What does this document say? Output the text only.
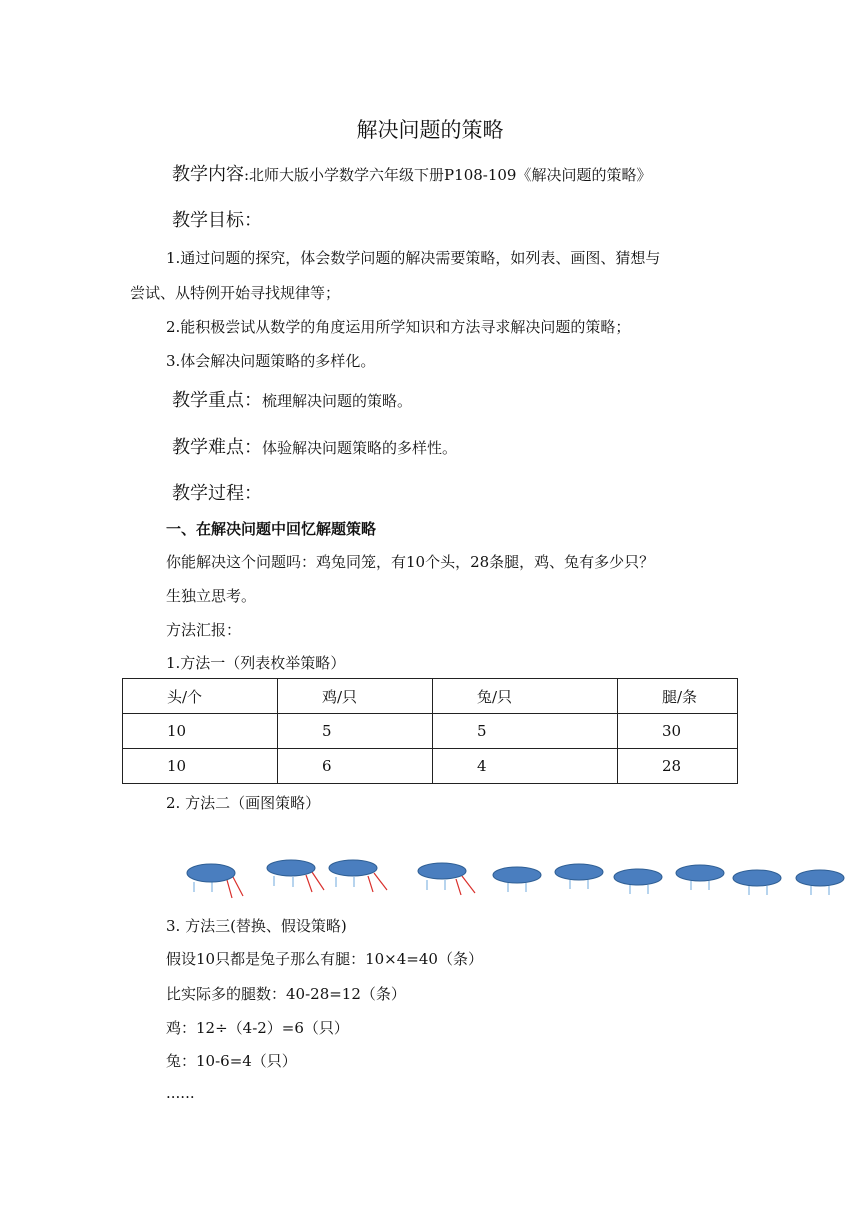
解决问题的策略
教学内容:北师大版小学数学六年级下册P108-109《解决问题的策略》
教学目标：
1.通过问题的探究，体会数学问题的解决需要策略，如列表、画图、猜想与
尝试、从特例开始寻找规律等；
2.能积极尝试从数学的角度运用所学知识和方法寻求解决问题的策略；
3.体会解决问题策略的多样化。
教学重点：梳理解决问题的策略。
教学难点：体验解决问题策略的多样性。
教学过程：
一、在解决问题中回忆解题策略
你能解决这个问题吗：鸡兔同笼，有10个头，28条腿，鸡、兔有多少只？
生独立思考。
方法汇报：
1.方法一（列表枚举策略）
头/个	鸡/只	兔/只	腿/条
10	5	5	30
10	6	4	28
2. 方法二（画图策略）
3. 方法三(替换、假设策略)
假设10只都是兔子那么有腿：10×4=40（条）
比实际多的腿数：40-28=12（条）
鸡：12÷（4-2）=6（只）
兔：10-6=4（只）
......
